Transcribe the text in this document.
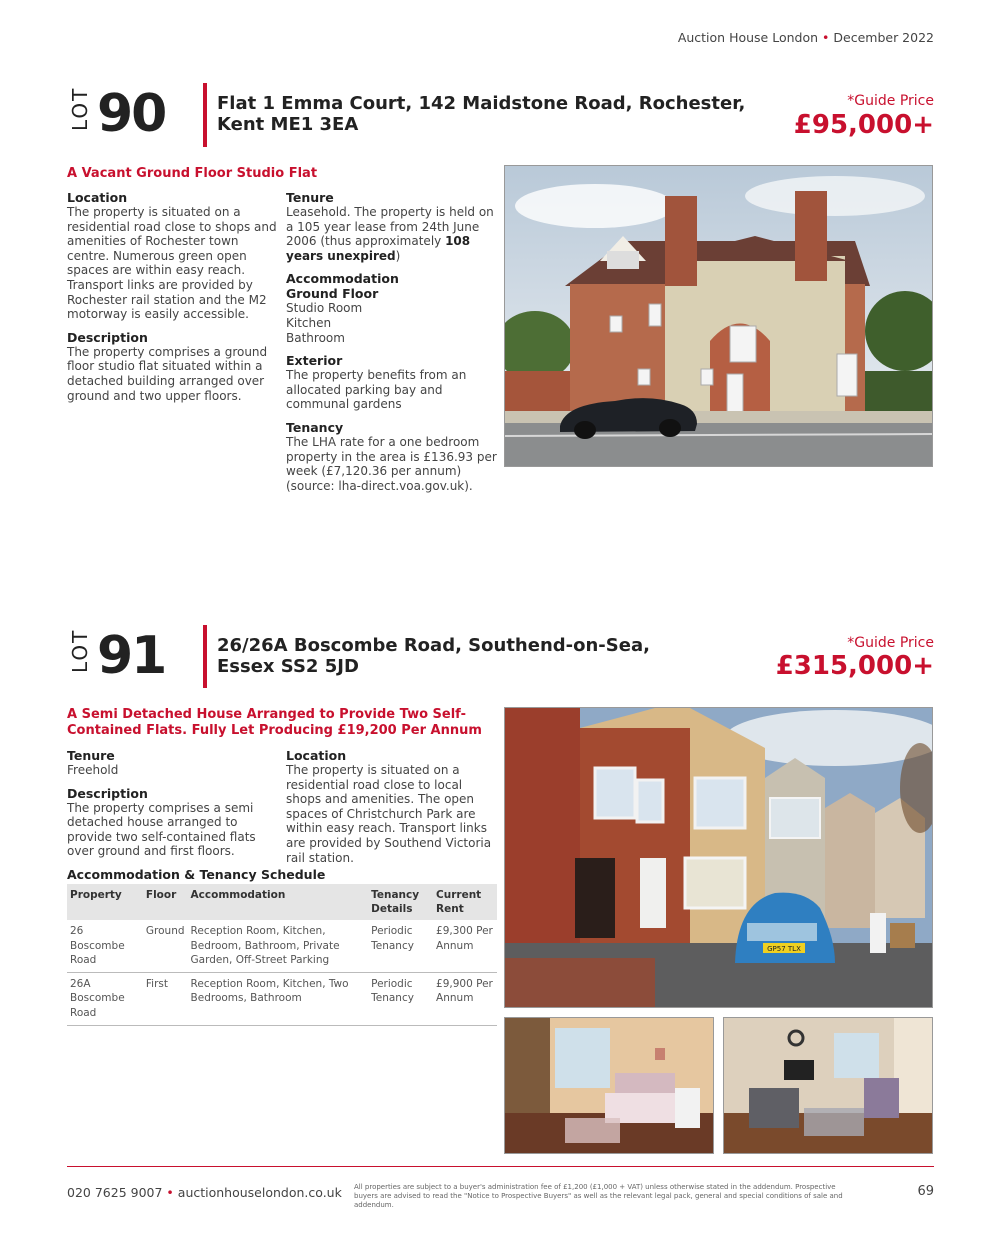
Auction House London • December 2022
LOT 90	Flat 1 Emma Court, 142 Maidstone Road, Rochester,
Kent ME1 3EA
*Guide Price
£95,000+
A Vacant Ground Floor Studio Flat
Location
The property is situated on a residential road close to shops and amenities of Rochester town centre. Numerous green open spaces are within easy reach. Transport links are provided by Rochester rail station and the M2 motorway is easily accessible.
Description
The property comprises a ground floor studio flat situated within a detached building arranged over ground and two upper floors.
Tenure
Leasehold. The property is held on a 105 year lease from 24th June 2006 (thus approximately 108 years unexpired)
Accommodation
Ground Floor
Studio Room
Kitchen
Bathroom
Exterior
The property benefits from an allocated parking bay and communal gardens
Tenancy
The LHA rate for a one bedroom property in the area is £136.93 per week (£7,120.36 per annum) (source: lha-direct.voa.gov.uk).
LOT 91	26/26A Boscombe Road, Southend-on-Sea,
Essex SS2 5JD
*Guide Price
£315,000+
A Semi Detached House Arranged to Provide Two Self-
Contained Flats. Fully Let Producing £19,200 Per Annum
Tenure
Freehold
Description
The property comprises a semi detached house arranged to provide two self-contained flats over ground and first floors.
Location
The property is situated on a residential road close to local shops and amenities. The open spaces of Christchurch Park are within easy reach. Transport links are provided by Southend Victoria rail station.
Accommodation & Tenancy Schedule
Property	Floor	Accommodation	Tenancy Details	Current Rent
26 Boscombe Road	Ground	Reception Room, Kitchen, Bedroom, Bathroom, Private Garden, Off-Street Parking	Periodic Tenancy	£9,300 Per Annum
26A Boscombe Road	First	Reception Room, Kitchen, Two Bedrooms, Bathroom	Periodic Tenancy	£9,900 Per Annum
GP57 TLX
020 7625 9007 • auctionhouselondon.co.uk All properties are subject to a buyer's administration fee of £1,200 (£1,000 + VAT) unless otherwise stated in the addendum. Prospective buyers are advised to read the "Notice to Prospective Buyers" as well as the relevant legal pack, general and special conditions of sale and addendum.
69
